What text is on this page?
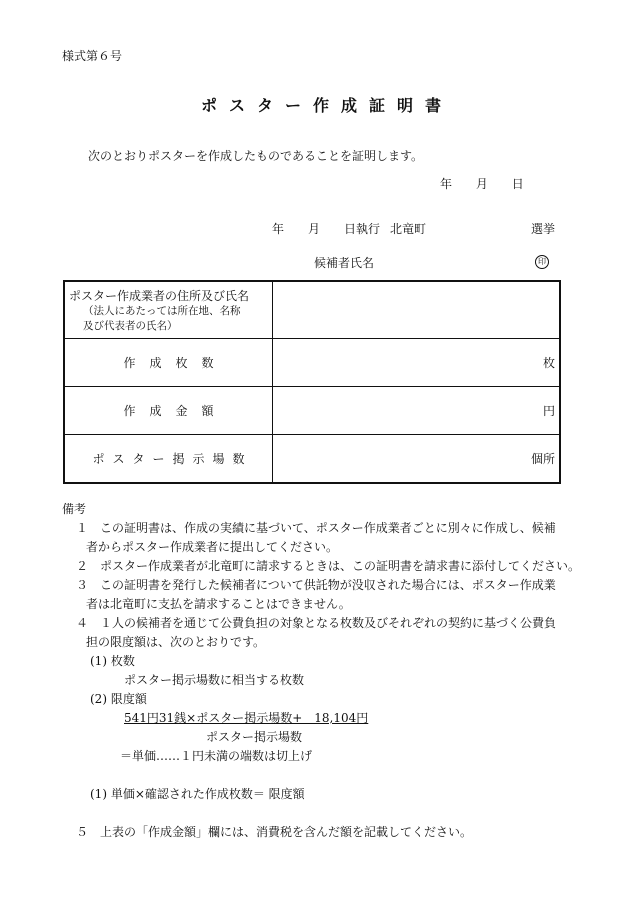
様式第６号
ポスター作成証明書
次のとおりポスターを作成したものであることを証明します。
年 月 日
年 月 日執行 北竜町	選挙
候補者氏名	印
ポスター作成業者の住所及び氏名
（法人にあたっては所在地、名称
及び代表者の氏名）	

作成枚数	枚

作成金額	円

ポスター掲示場数	個所
備考
１　この証明書は、作成の実績に基づいて、ポスター作成業者ごとに別々に作成し、候補
者からポスター作成業者に提出してください。
２　ポスター作成業者が北竜町に請求するときは、この証明書を請求書に添付してください。
３　この証明書を発行した候補者について供託物が没収された場合には、ポスター作成業
者は北竜町に支払を請求することはできません。
４　１人の候補者を通じて公費負担の対象となる枚数及びそれぞれの契約に基づく公費負
担の限度額は、次のとおりです。
(1) 枚数
ポスター掲示場数に相当する枚数
(2) 限度額
541円31銭×ポスター掲示場数+　18,104円
ポスター掲示場数
＝単価……１円未満の端数は切上げ
(1) 単価×確認された作成枚数＝ 限度額
５　上表の「作成金額」欄には、消費税を含んだ額を記載してください。
